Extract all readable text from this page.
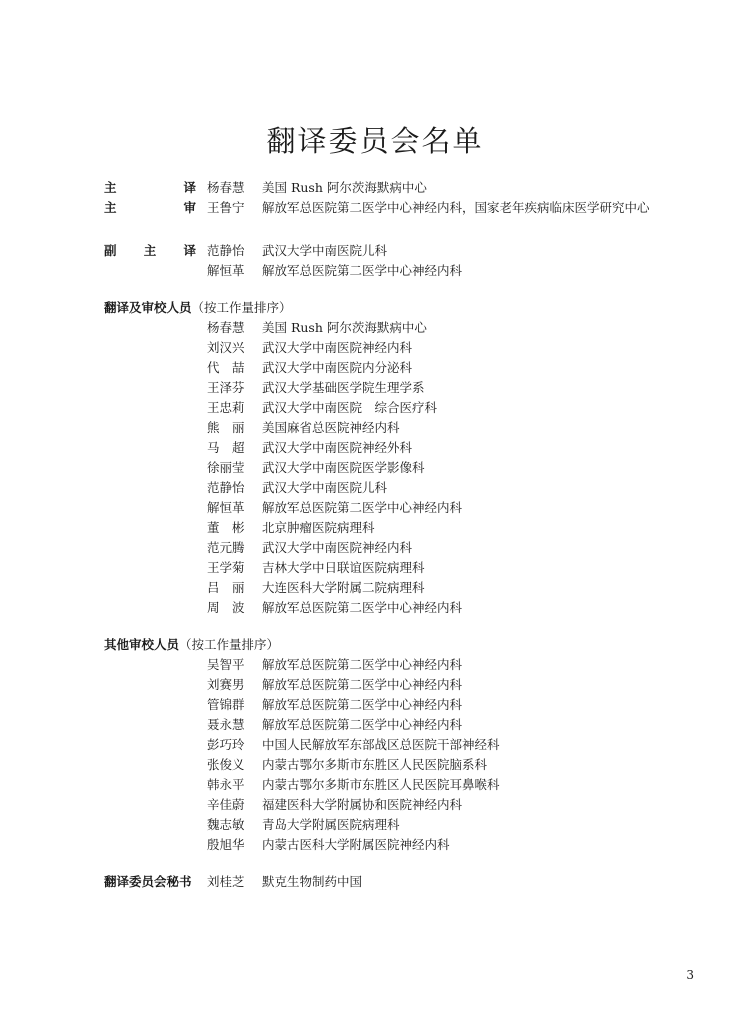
翻译委员会名单
主	译 杨春慧	美国 Rush 阿尔茨海默病中心
主	审 王鲁宁	解放军总医院第二医学中心神经内科，国家老年疾病临床医学研究中心
副 主 译 范静怡	武汉大学中南医院儿科
解恒革	解放军总医院第二医学中心神经内科
翻译及审校人员（按工作量排序）
杨春慧	美国 Rush 阿尔茨海默病中心
刘汉兴	武汉大学中南医院神经内科
代　喆	武汉大学中南医院内分泌科
王泽芬	武汉大学基础医学院生理学系
王忠莉	武汉大学中南医院　综合医疗科
熊　丽	美国麻省总医院神经内科
马　超	武汉大学中南医院神经外科
徐丽莹	武汉大学中南医院医学影像科
范静怡	武汉大学中南医院儿科
解恒革	解放军总医院第二医学中心神经内科
董　彬	北京肿瘤医院病理科
范元腾	武汉大学中南医院神经内科
王学菊	吉林大学中日联谊医院病理科
吕　丽	大连医科大学附属二院病理科
周　波	解放军总医院第二医学中心神经内科
其他审校人员（按工作量排序）
吴智平	解放军总医院第二医学中心神经内科
刘赛男	解放军总医院第二医学中心神经内科
管锦群	解放军总医院第二医学中心神经内科
聂永慧	解放军总医院第二医学中心神经内科
彭巧玲	中国人民解放军东部战区总医院干部神经科
张俊义	内蒙古鄂尔多斯市东胜区人民医院脑系科
韩永平	内蒙古鄂尔多斯市东胜区人民医院耳鼻喉科
辛佳蔚	福建医科大学附属协和医院神经内科
魏志敏	青岛大学附属医院病理科
殷旭华	内蒙古医科大学附属医院神经内科
翻译委员会秘书 刘桂芝	默克生物制药中国
3
